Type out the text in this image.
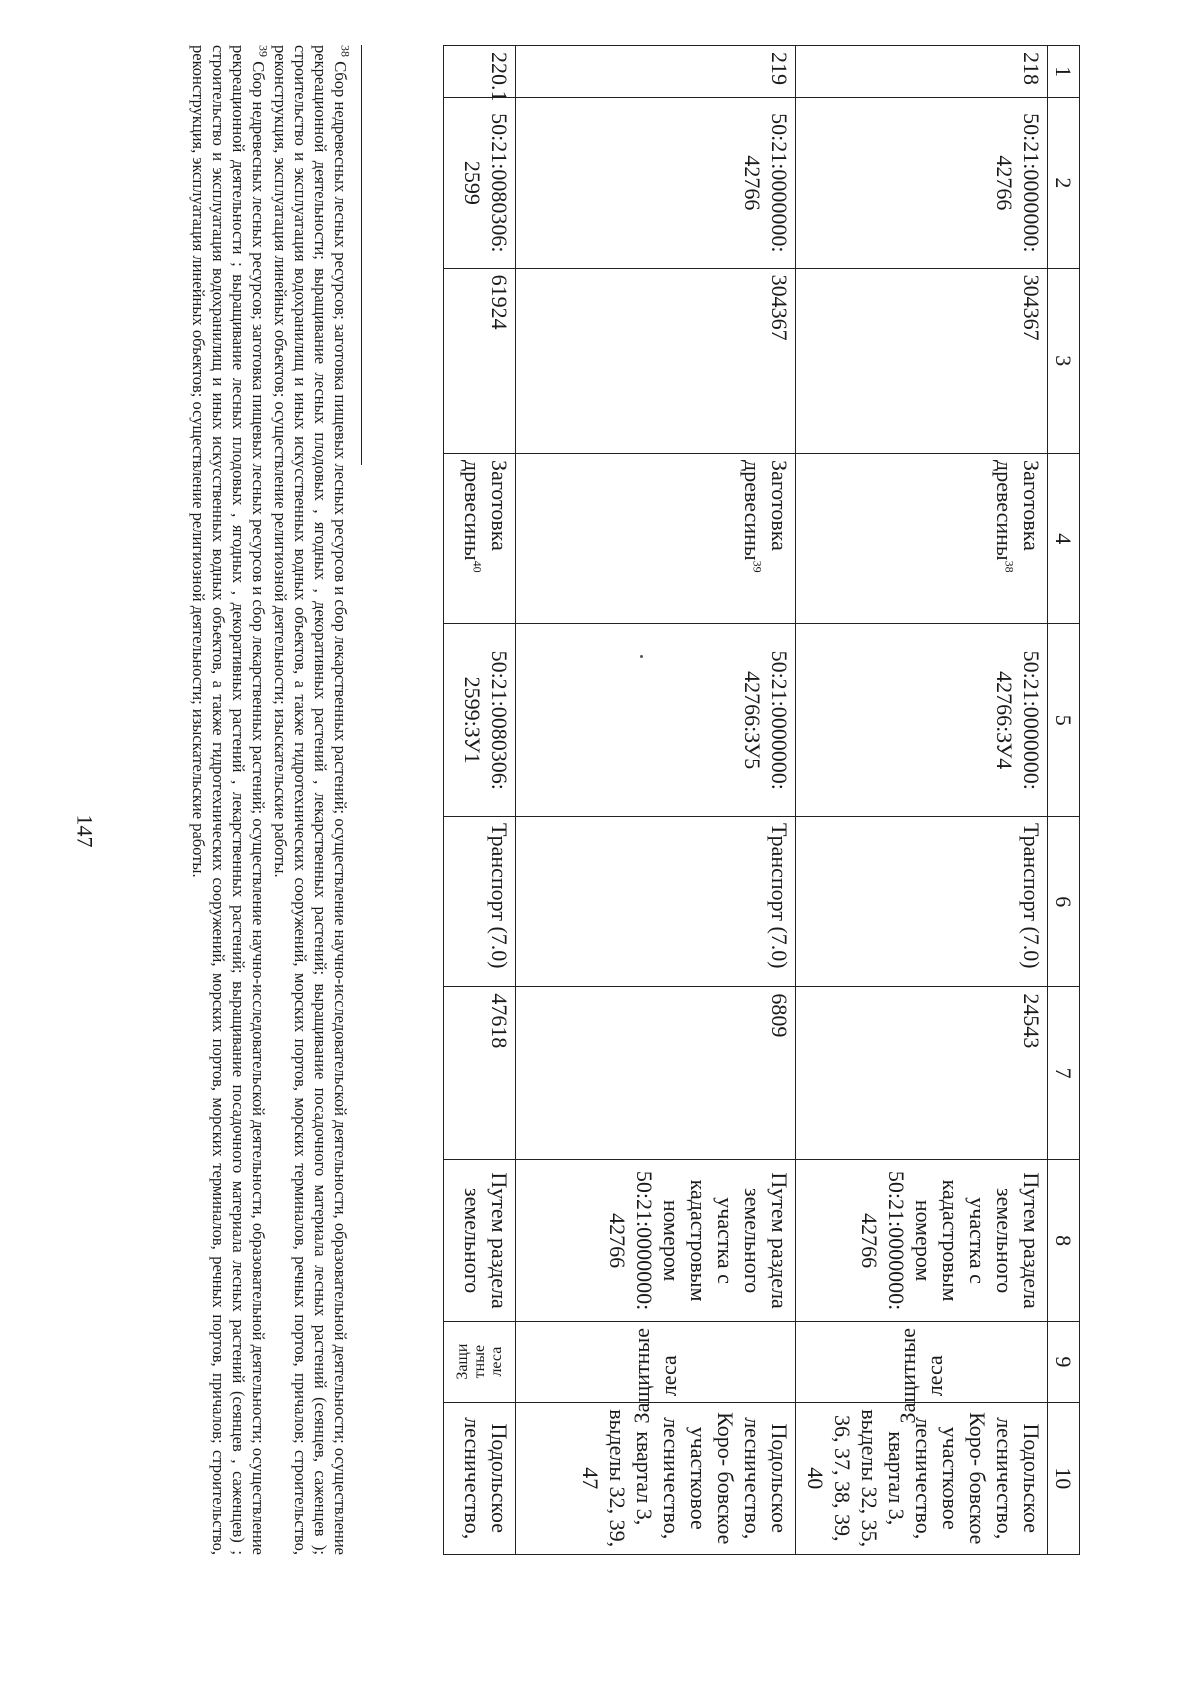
147
1	2	3	4	5	6	7	8	9	10
218	50:21:0000000: 42766	304367	Заготовка древесины$^{38}$	50:21:0000000: 42766:ЗУ4	Транспорт (7.0)	24543	Путем раздела земельного участка с кадастровым номером 50:21:0000000: 42766	Защитные леса	Подольское лесничество, Коро- бовское участковое лесничество, квартал 3, выделы 32, 35, 36, 37, 38, 39, 40
219	50:21:0000000: 42766	304367	Заготовка древесины$^{39}$	50:21:0000000: 42766:ЗУ5	Транспорт (7.0)	6809	Путем раздела земельного участка с кадастровым номером 50:21:0000000: 42766	Защитные леса	Подольское лесничество, Коро- бовское участковое лесничество, квартал 3, выделы 32, 39, 47
220.1	50:21:0080306: 2599	61924	Заготовка древесины$^{40}$	50:21:0080306: 2599:ЗУ1	Транспорт (7.0)	47618	Путем раздела земельного	Защи тные леса	Подольское лесничество,

$^{38}$ Сбор недревесных лесных ресурсов; заготовка пищевых лесных ресурсов и сбор лекарственных растений; осуществление научно-исследовательской деятельности, образовательной деятельности; осуществление рекреационной деятельности; выращивание лесных плодовых , ягодных , декоративных растений , лекарственных растений; выращивание посадочного материала лесных растений (сеянцев, саженцев ); строительство и эксплуатация водохранилищ и иных искусственных водных объектов, а также гидротехнических сооружений, морских портов, морских терминалов, речных портов, причалов; строительство, реконструкция, эксплуатация линейных объектов; осуществление религиозной деятельности; изыскательские работы.

$^{39}$ Сбор недревесных лесных ресурсов; заготовка пищевых лесных ресурсов и сбор лекарственных растений; осуществление научно-исследовательской деятельности, образовательной деятельности; осуществление рекреационной деятельности ; выращивание лесных плодовых , ягодных , декоративных растений , лекарственных растений; выращивание посадочного материала лесных растений (сеянцев , саженцев) ; строительство и эксплуатация водохранилищ и иных искусственных водных объектов, а также гидротехнических сооружений, морских портов, морских терминалов, речных портов, причалов; строительство, реконструкция, эксплуатация линейных объектов; осуществление религиозной деятельности; изыскательские работы.
